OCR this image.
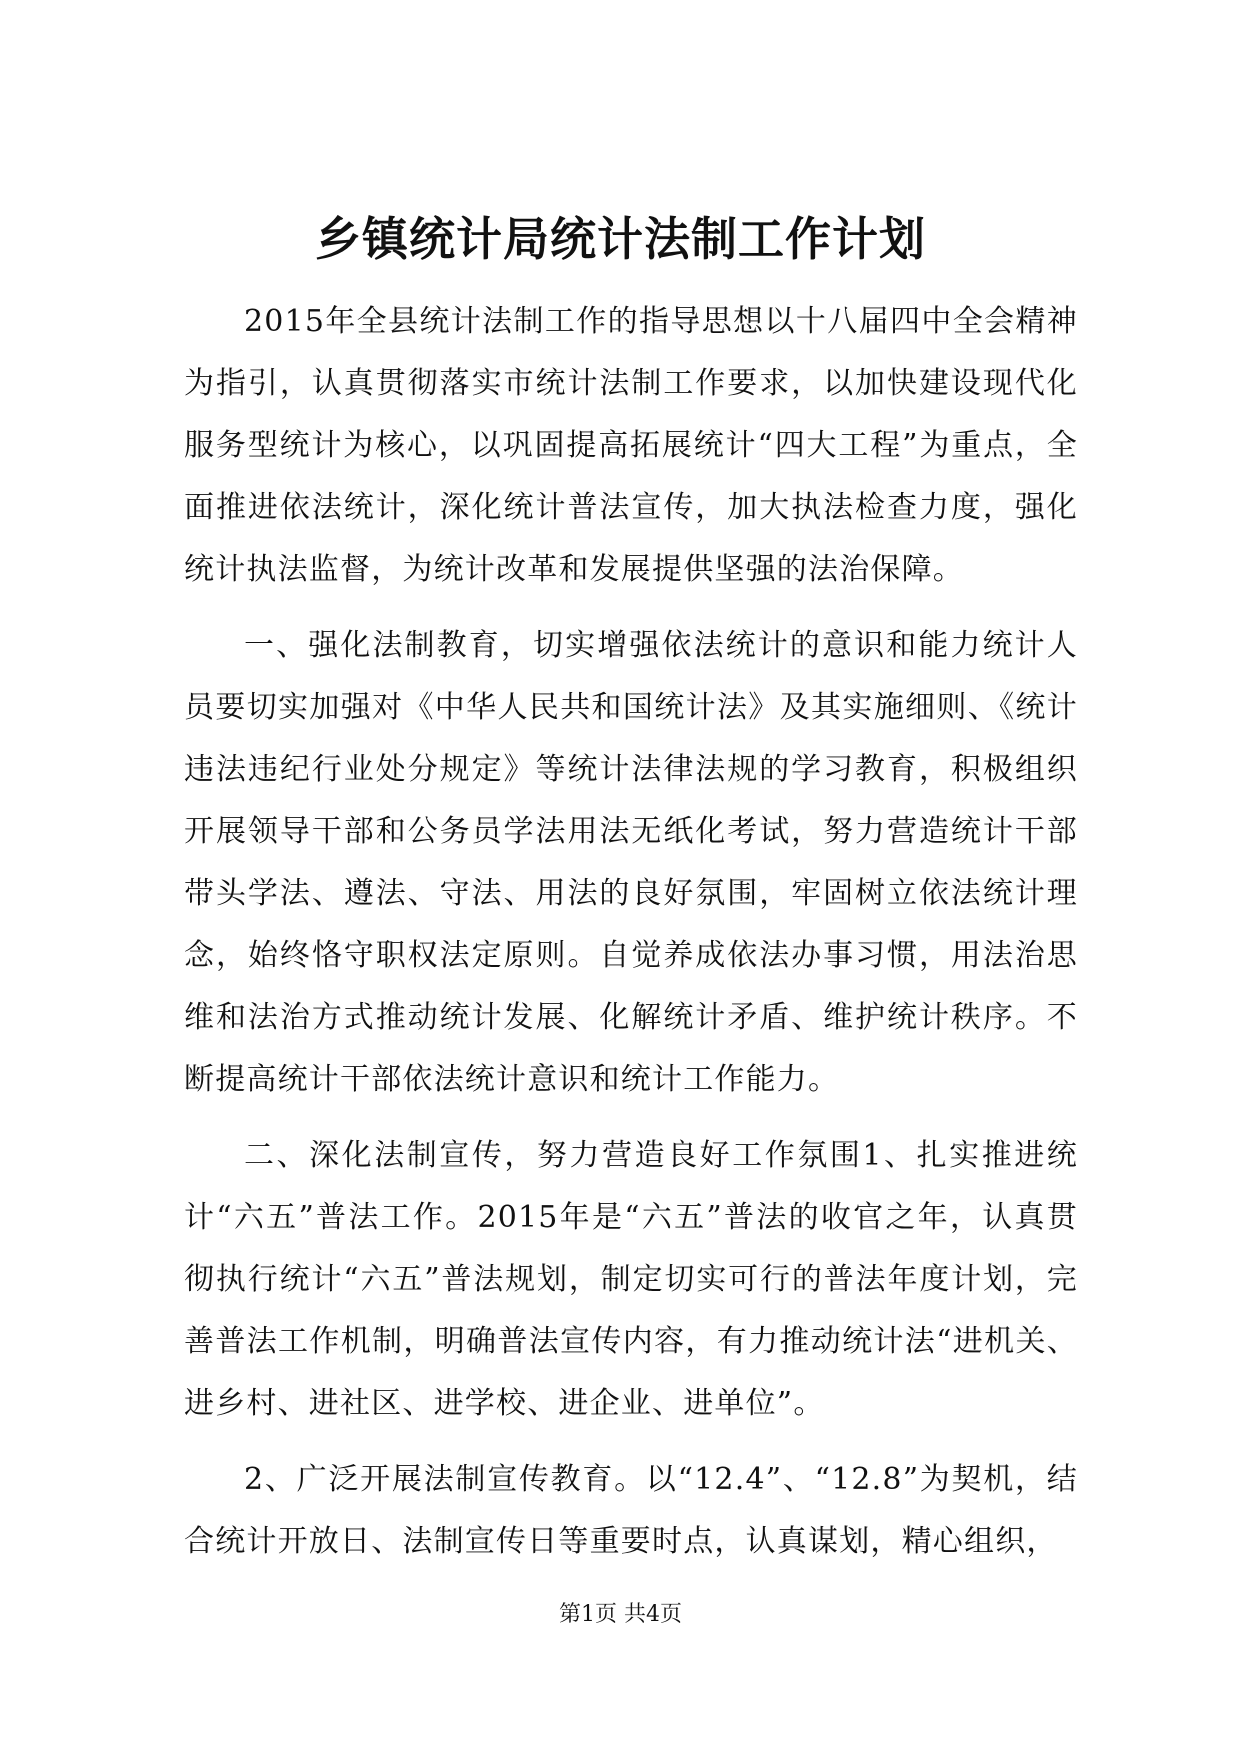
乡镇统计局统计法制工作计划

2015年全县统计法制工作的指导思想以十八届四中全会精神为指引，认真贯彻落实市统计法制工作要求，以加快建设现代化服务型统计为核心，以巩固提高拓展统计“四大工程”为重点，全面推进依法统计，深化统计普法宣传，加大执法检查力度，强化统计执法监督，为统计改革和发展提供坚强的法治保障。

一、强化法制教育，切实增强依法统计的意识和能力统计人员要切实加强对《中华人民共和国统计法》及其实施细则、《统计违法违纪行业处分规定》等统计法律法规的学习教育，积极组织开展领导干部和公务员学法用法无纸化考试，努力营造统计干部带头学法、遵法、守法、用法的良好氛围，牢固树立依法统计理念，始终恪守职权法定原则。自觉养成依法办事习惯，用法治思维和法治方式推动统计发展、化解统计矛盾、维护统计秩序。不断提高统计干部依法统计意识和统计工作能力。

二、深化法制宣传，努力营造良好工作氛围1、扎实推进统计“六五”普法工作。2015年是“六五”普法的收官之年，认真贯彻执行统计“六五”普法规划，制定切实可行的普法年度计划，完善普法工作机制，明确普法宣传内容，有力推动统计法“进机关、进乡村、进社区、进学校、进企业、进单位”。

2、广泛开展法制宣传教育。以“12.4”、“12.8”为契机，结合统计开放日、法制宣传日等重要时点，认真谋划，精心组织，

第1页 共4页
